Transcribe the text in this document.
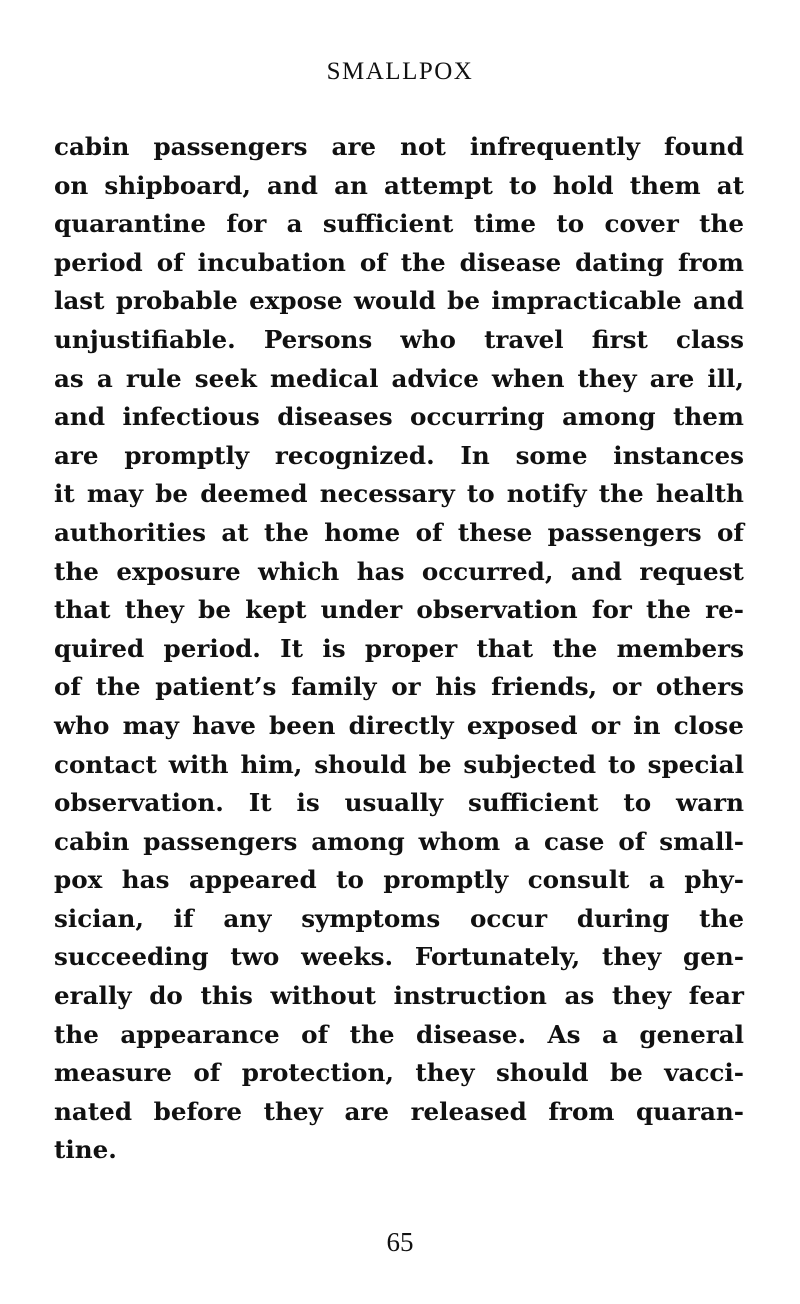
SMALLPOX
cabin passengers are not infrequently found
on shipboard, and an attempt to hold them at
quarantine for a sufficient time to cover the
period of incubation of the disease dating from
last probable expose would be impracticable and
unjustifiable. Persons who travel first class
as a rule seek medical advice when they are ill,
and infectious diseases occurring among them
are promptly recognized. In some instances
it may be deemed necessary to notify the health
authorities at the home of these passengers of
the exposure which has occurred, and request
that they be kept under observation for the re-
quired period. It is proper that the members
of the patient’s family or his friends, or others
who may have been directly exposed or in close
contact with him, should be subjected to special
observation. It is usually sufficient to warn
cabin passengers among whom a case of small-
pox has appeared to promptly consult a phy-
sician, if any symptoms occur during the
succeeding two weeks. Fortunately, they gen-
erally do this without instruction as they fear
the appearance of the disease. As a general
measure of protection, they should be vacci-
nated before they are released from quaran-
tine.
65
